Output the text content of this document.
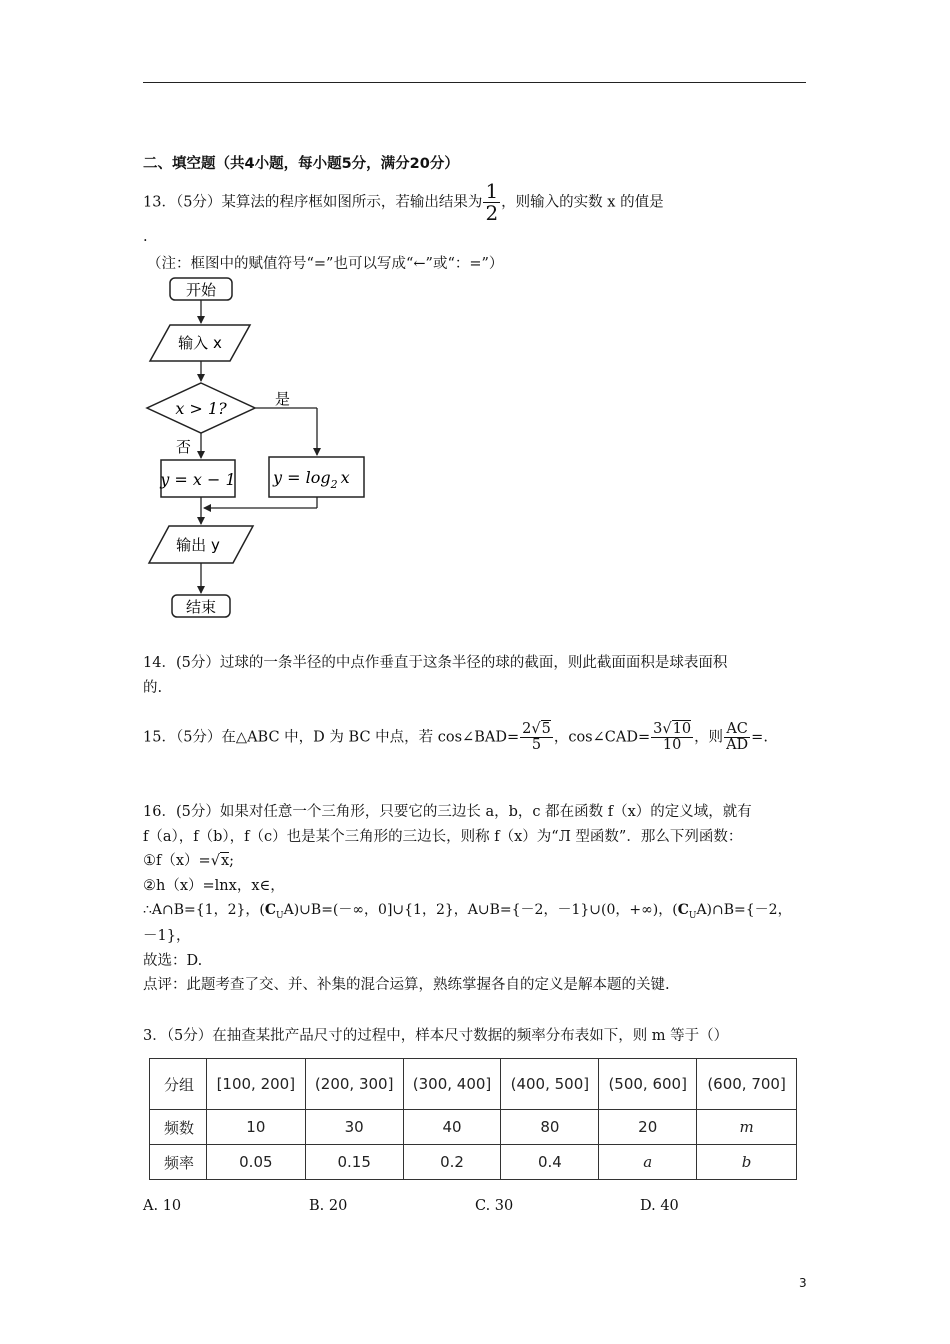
二、填空题（共4小题，每小题5分，满分20分）
13．（5分）某算法的程序框如图所示，若输出结果为 $\frac{1}{2}$ ，则输入的实数 x 的值是
.
（注：框图中的赋值符号“=”也可以写成“←”或“：=”）
开始
输入 x
x > 1?	是
否
y = x − 1 $y = \log_2 x$
输出 y
结束
14．(5分）过球的一条半径的中点作垂直于这条半径的球的截面，则此截面面积是球表面积
的.
15．（5分）在△ABC 中，D 为 BC 中点，若 cos∠BAD= $\frac{2√5}{5}$ ，cos∠CAD= $\frac{3√10}{10}$ ，则 $\frac{AC}{AD}$ =.
16．(5分）如果对任意一个三角形，只要它的三边长 a，b，c 都在函数 f（x）的定义域，就有
f（a），f（b），f（c）也是某个三角形的三边长，则称 f（x）为“Л 型函数”．那么下列函数：
①f（x）=√x;
②h（x）=lnx，x∈，
∴A∩B={1，2}，$(C_UA)\cup B=(-\infty$，0]∪{1，2}，A∪B={－2，－1}∪(0，+∞)，$(C_UA)\cap B=\{-2$，
－1}，
故选：D.
点评：此题考查了交、并、补集的混合运算，熟练掌握各自的定义是解本题的关键.
3．（5分）在抽查某批产品尺寸的过程中，样本尺寸数据的频率分布表如下，则 m 等于（）
分组	[100, 200]	(200, 300]	(300, 400]	(400, 500]	(500, 600]	(600, 700]
频数	10	30	40	80	20	m
频率	0.05	0.15	0.2	0.4	a	b
A. 10	B. 20	C. 30	D. 40
3
